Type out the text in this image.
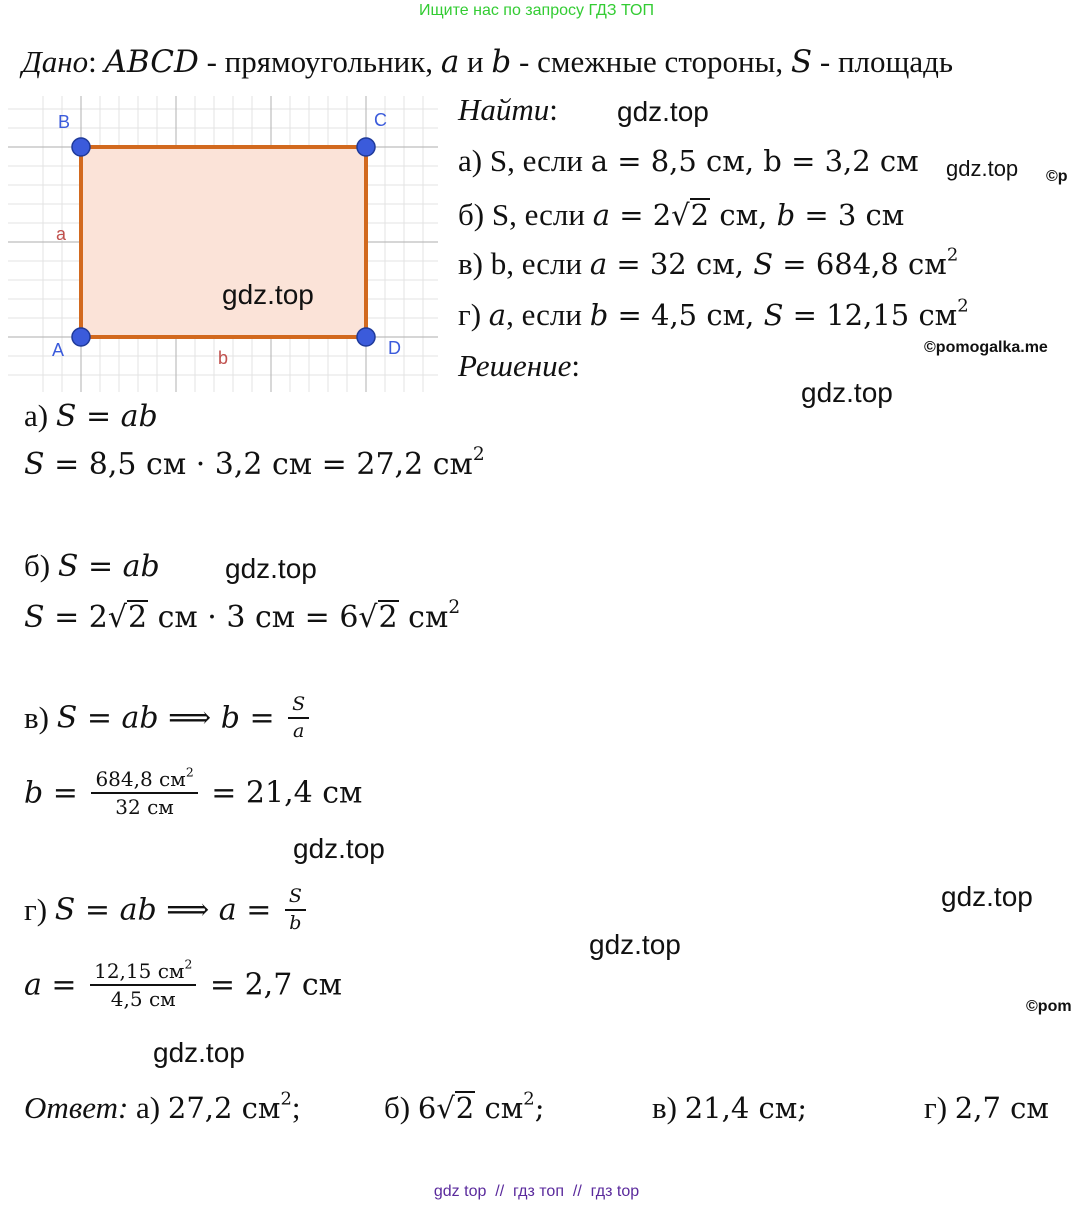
Ищите нас по запросу ГДЗ ТОП
Дано: ABCD - прямоугольник, a и b - смежные стороны, S - площадь
B	C
A	D
a
b
gdz.top
Найти:
а) S, если a = 8,5 см, b = 3,2 см
б) S, если a = 2√2 см, b = 3 см
в) b, если a = 32 см, S = 684,8 $см^2$
г) a, если b = 4,5 см, S = 12,15 $см^2$
Решение:
а) S = ab
S = 8,5 см · 3,2 см = 27,2 $см^2$
б) S = ab
S = 2√2 см · 3 см = 6√2 $см^2$
в) S = ab ⟹ $b = \frac{S}{a}$
$b = \frac{684,8 см^2}{32 см} = 21,4$ см
г) S = ab ⟹ $a = \frac{S}{b}$
$a = \frac{12,15 см^2}{4,5 см} = 2,7$ см
Ответ: а) 27,2 $см^2$;	б) 6√2 $см^2$;	в) 21,4 см;	г) 2,7 см
gdz.top
gdz.top ©p
©pomogalka.me
gdz.top
gdz.top
gdz.top
gdz.top
gdz.top
©pom
gdz.top
gdz top  //  гдз топ  //  гдз top
